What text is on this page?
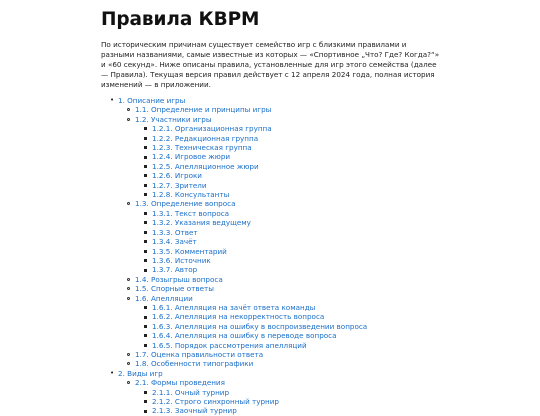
Правила КВРМ

По историческим причинам существует семейство игр с близкими правилами и разными названиями, самые известные из которых — «Спортивное „Что? Где? Когда?“» и «60 секунд». Ниже описаны правила, установленные для игр этого семейства (далее — Правила). Текущая версия правил действует с 12 апреля 2024 года, полная история изменений — в приложении.

• 1. Описание игры
1.1. Определение и принципы игры
1.2. Участники игры
1.2.1. Организационная группа
1.2.2. Редакционная группа
1.2.3. Техническая группа
1.2.4. Игровое жюри
1.2.5. Апелляционное жюри
1.2.6. Игроки
1.2.7. Зрители
1.2.8. Консультанты
1.3. Определение вопроса
1.3.1. Текст вопроса
1.3.2. Указания ведущему
1.3.3. Ответ
1.3.4. Зачёт
1.3.5. Комментарий
1.3.6. Источник
1.3.7. Автор
1.4. Розыгрыш вопроса
1.5. Спорные ответы
1.6. Апелляции
1.6.1. Апелляция на зачёт ответа команды
1.6.2. Апелляция на некорректность вопроса
1.6.3. Апелляция на ошибку в воспроизведении вопроса
1.6.4. Апелляция на ошибку в переводе вопроса
1.6.5. Порядок рассмотрения апелляций
1.7. Оценка правильности ответа
1.8. Особенности типографики
• 2. Виды игр
2.1. Формы проведения
2.1.1. Очный турнир
2.1.2. Строго синхронный турнир
2.1.3. Заочный турнир
